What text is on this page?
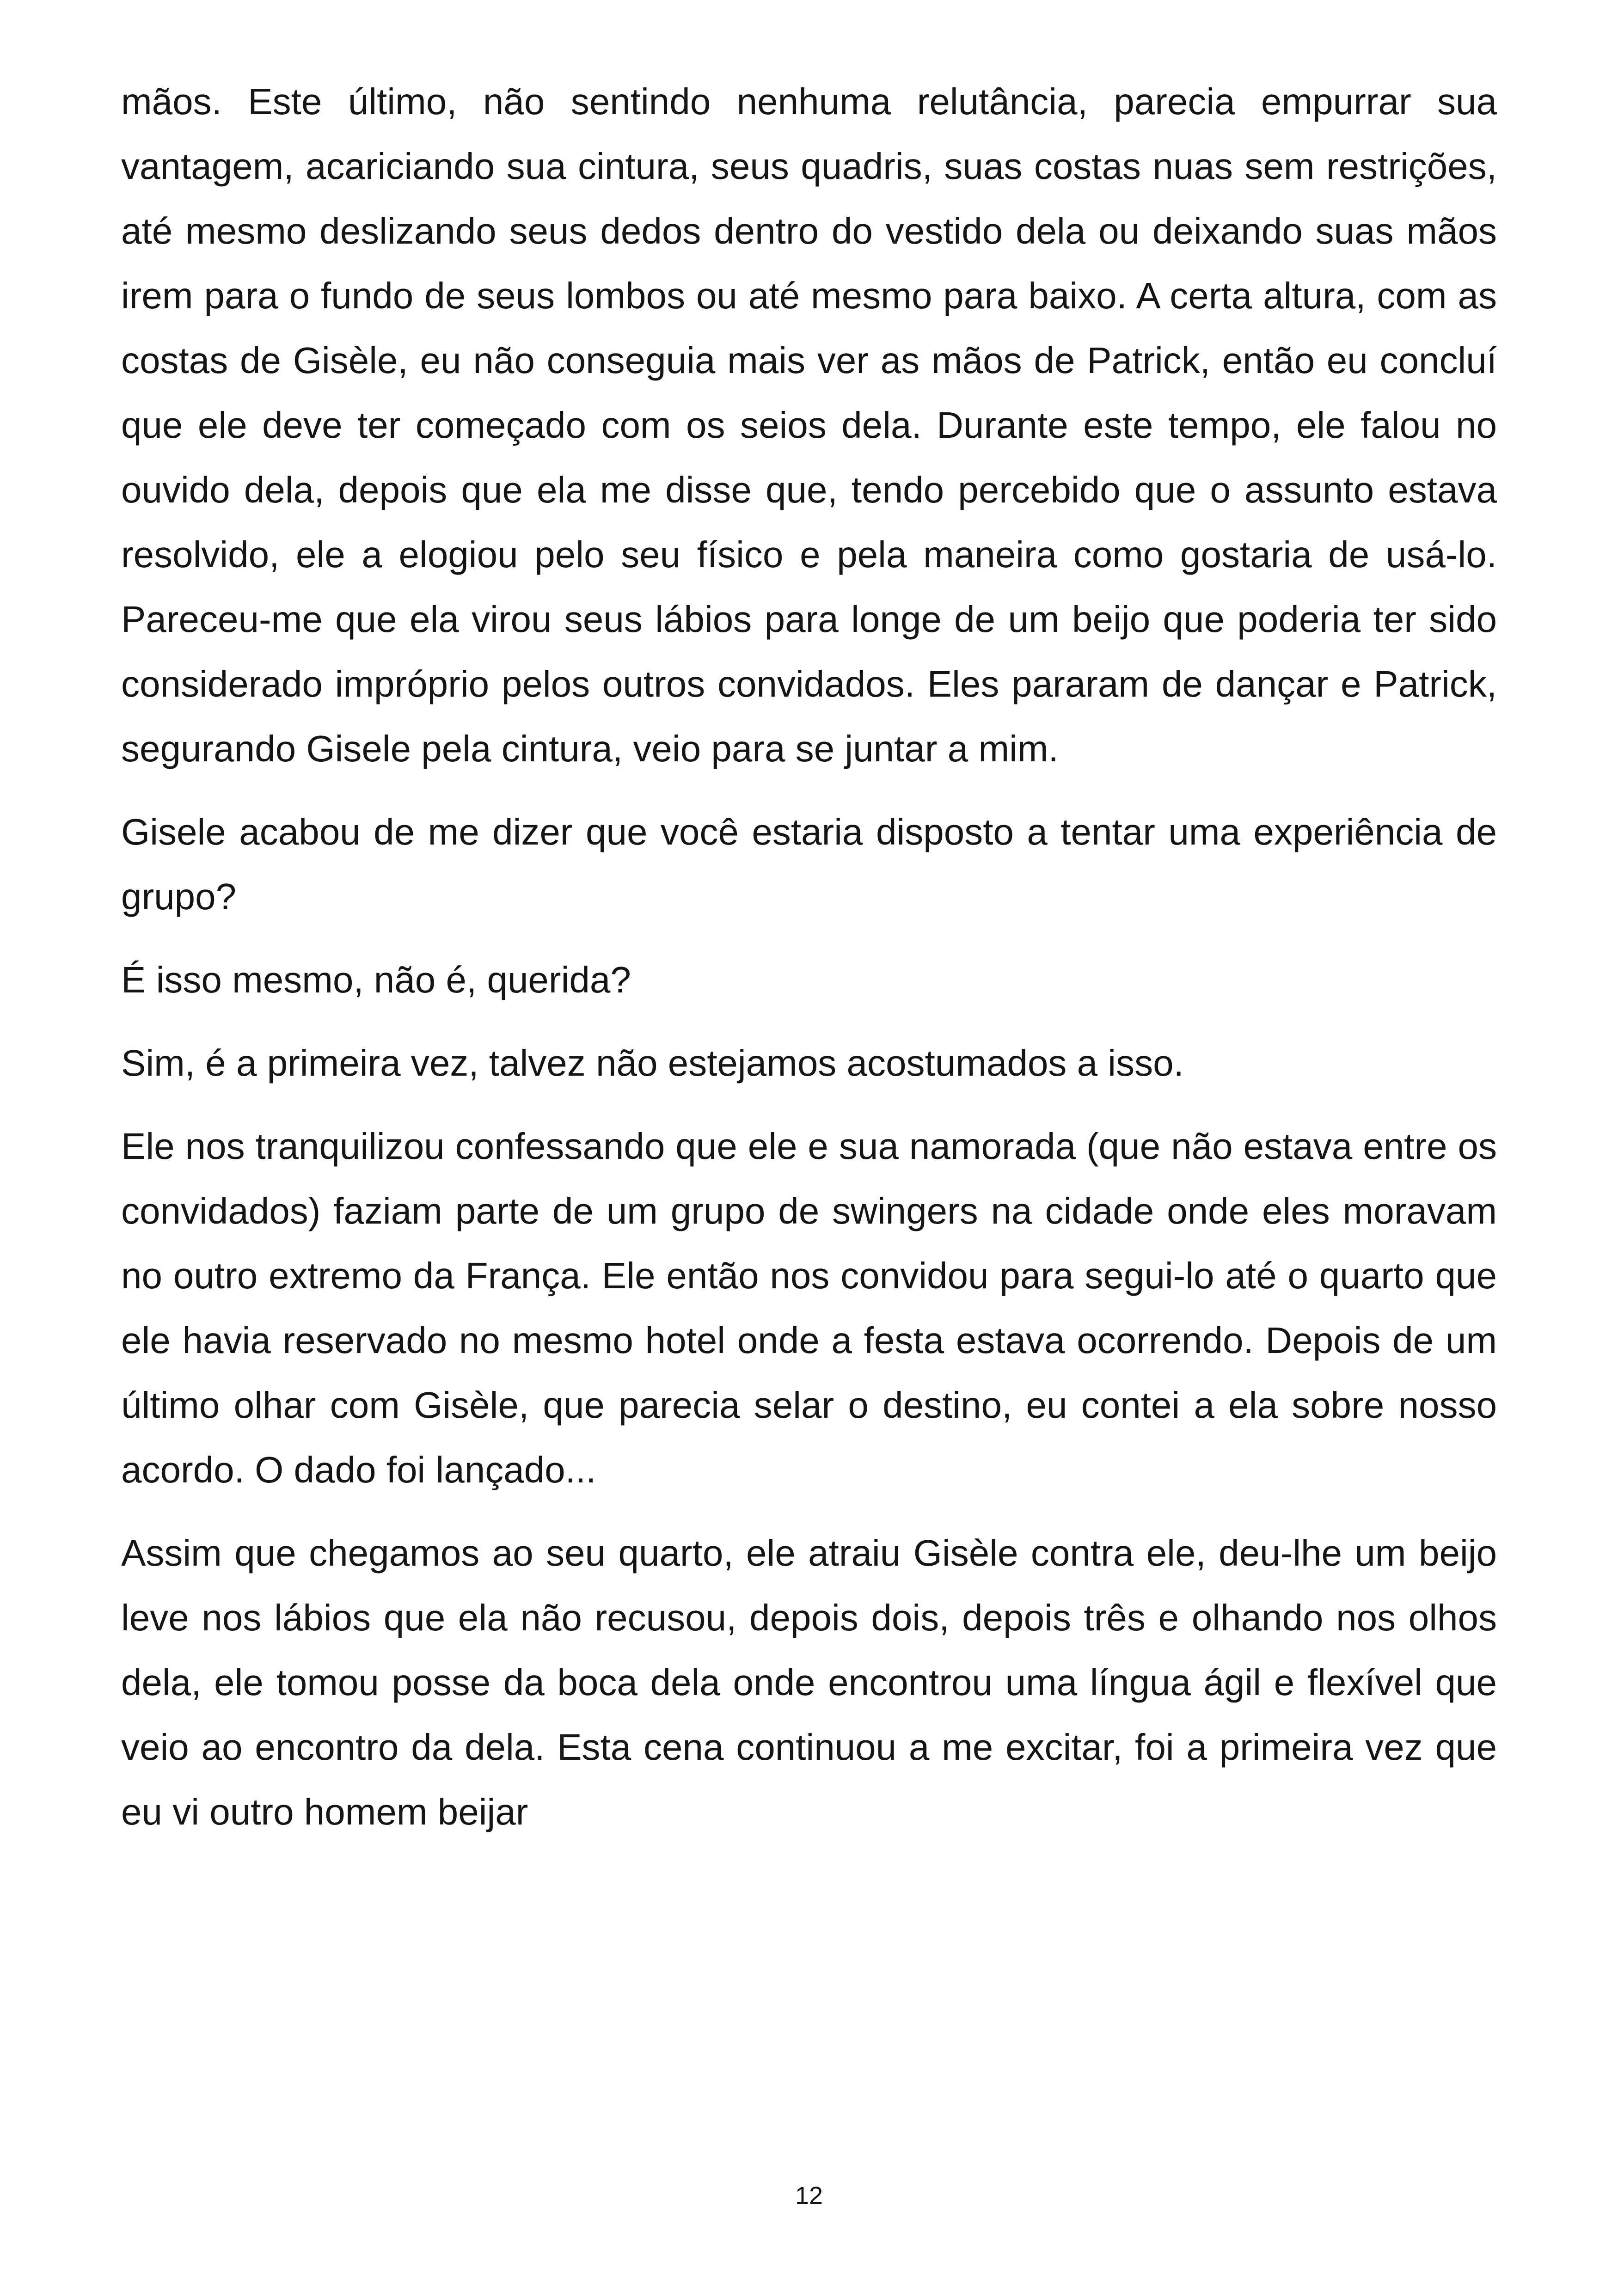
mãos. Este último, não sentindo nenhuma relutância, parecia empurrar sua vantagem, acariciando sua cintura, seus quadris, suas costas nuas sem restrições, até mesmo deslizando seus dedos dentro do vestido dela ou deixando suas mãos irem para o fundo de seus lombos ou até mesmo para baixo. A certa altura, com as costas de Gisèle, eu não conseguia mais ver as mãos de Patrick, então eu concluí que ele deve ter começado com os seios dela. Durante este tempo, ele falou no ouvido dela, depois que ela me disse que, tendo percebido que o assunto estava resolvido, ele a elogiou pelo seu físico e pela maneira como gostaria de usá-lo. Pareceu-me que ela virou seus lábios para longe de um beijo que poderia ter sido considerado impróprio pelos outros convidados. Eles pararam de dançar e Patrick, segurando Gisele pela cintura, veio para se juntar a mim.

Gisele acabou de me dizer que você estaria disposto a tentar uma experiência de grupo?

É isso mesmo, não é, querida?

Sim, é a primeira vez, talvez não estejamos acostumados a isso.

Ele nos tranquilizou confessando que ele e sua namorada (que não estava entre os convidados) faziam parte de um grupo de swingers na cidade onde eles moravam no outro extremo da França. Ele então nos convidou para segui-lo até o quarto que ele havia reservado no mesmo hotel onde a festa estava ocorrendo. Depois de um último olhar com Gisèle, que parecia selar o destino, eu contei a ela sobre nosso acordo. O dado foi lançado...

Assim que chegamos ao seu quarto, ele atraiu Gisèle contra ele, deu-lhe um beijo leve nos lábios que ela não recusou, depois dois, depois três e olhando nos olhos dela, ele tomou posse da boca dela onde encontrou uma língua ágil e flexível que veio ao encontro da dela. Esta cena continuou a me excitar, foi a primeira vez que eu vi outro homem beijar

12
